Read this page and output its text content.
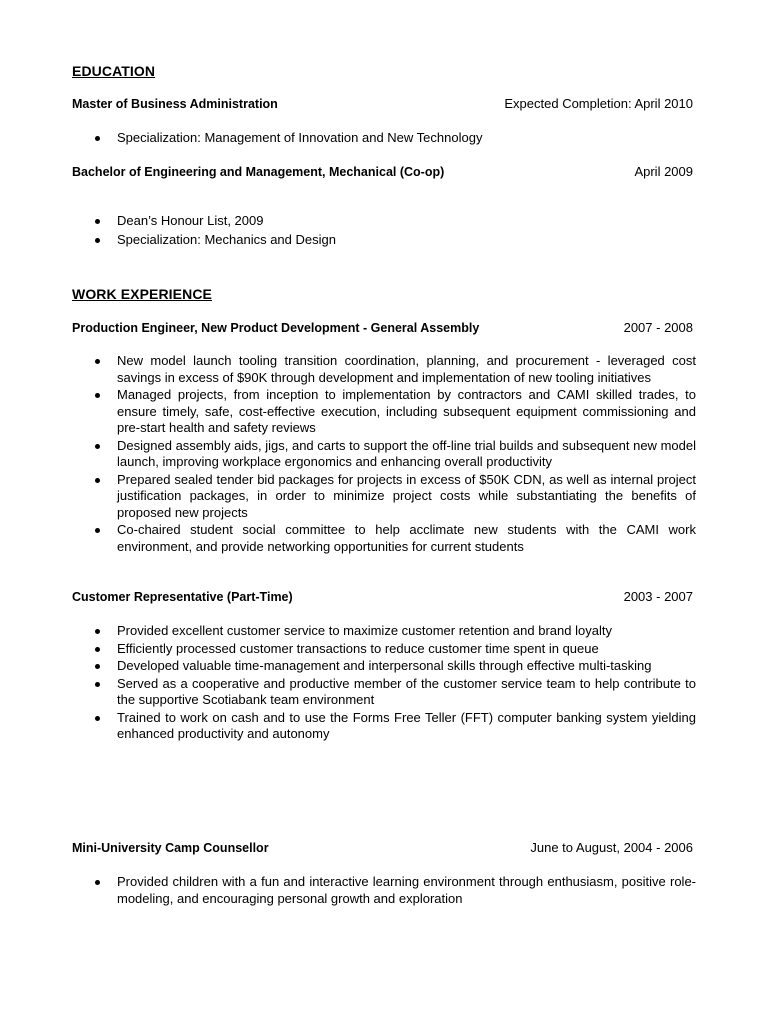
EDUCATION
Master of Business Administration	Expected Completion: April 2010
Specialization: Management of Innovation and New Technology
Bachelor of Engineering and Management, Mechanical (Co-op)	April 2009
Dean’s Honour List, 2009
Specialization: Mechanics and Design
WORK EXPERIENCE
Production Engineer, New Product Development - General Assembly	2007 - 2008
New model launch tooling transition coordination, planning, and procurement - leveraged cost savings in excess of $90K through development and implementation of new tooling initiatives
Managed projects, from inception to implementation by contractors and CAMI skilled trades, to ensure timely, safe, cost-effective execution, including subsequent equipment commissioning and pre-start health and safety reviews
Designed assembly aids, jigs, and carts to support the off-line trial builds and subsequent new model launch, improving workplace ergonomics and enhancing overall productivity
Prepared sealed tender bid packages for projects in excess of $50K CDN, as well as internal project justification packages, in order to minimize project costs while substantiating the benefits of proposed new projects
Co-chaired student social committee to help acclimate new students with the CAMI work environment, and provide networking opportunities for current students
Customer Representative (Part-Time)	2003 - 2007
Provided excellent customer service to maximize customer retention and brand loyalty
Efficiently processed customer transactions to reduce customer time spent in queue
Developed valuable time-management and interpersonal skills through effective multi-tasking
Served as a cooperative and productive member of the customer service team to help contribute to the supportive Scotiabank team environment
Trained to work on cash and to use the Forms Free Teller (FFT) computer banking system yielding enhanced productivity and autonomy
Mini-University Camp Counsellor	June to August, 2004 - 2006
Provided children with a fun and interactive learning environment through enthusiasm, positive role-modeling, and encouraging personal growth and exploration
